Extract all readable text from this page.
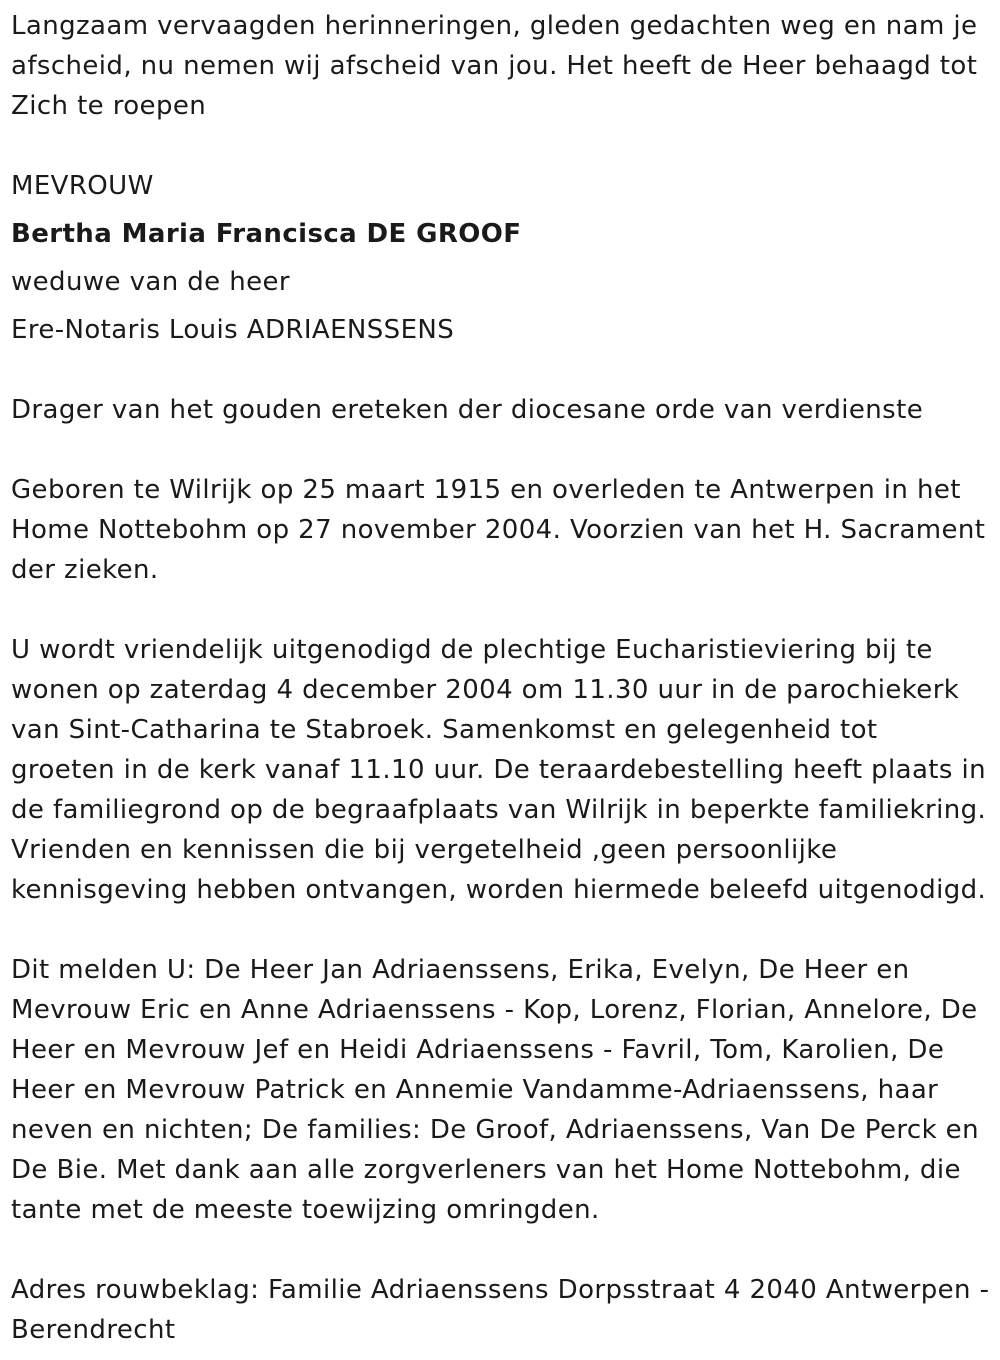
Langzaam vervaagden herinneringen, gleden gedachten weg en nam je afscheid, nu nemen wij afscheid van jou. Het heeft de Heer behaagd tot Zich te roepen

MEVROUW

Bertha Maria Francisca DE GROOF

weduwe van de heer

Ere-Notaris Louis ADRIAENSSENS

Drager van het gouden ereteken der diocesane orde van verdienste

Geboren te Wilrijk op 25 maart 1915 en overleden te Antwerpen in het Home Nottebohm op 27 november 2004. Voorzien van het H. Sacrament der zieken.

U wordt vriendelijk uitgenodigd de plechtige Eucharistieviering bij te wonen op zaterdag 4 december 2004 om 11.30 uur in de parochiekerk van Sint-Catharina te Stabroek. Samenkomst en gelegenheid tot groeten in de kerk vanaf 11.10 uur. De teraardebestelling heeft plaats in de familiegrond op de begraafplaats van Wilrijk in beperkte familiekring. Vrienden en kennissen die bij vergetelheid ,geen persoonlijke kennisgeving hebben ontvangen, worden hiermede beleefd uitgenodigd.

Dit melden U: De Heer Jan Adriaenssens, Erika, Evelyn, De Heer en Mevrouw Eric en Anne Adriaenssens - Kop, Lorenz, Florian, Annelore, De Heer en Mevrouw Jef en Heidi Adriaenssens - Favril, Tom, Karolien, De Heer en Mevrouw Patrick en Annemie Vandamme-Adriaenssens, haar neven en nichten; De families: De Groof, Adriaenssens, Van De Perck en De Bie. Met dank aan alle zorgverleners van het Home Nottebohm, die tante met de meeste toewijzing omringden.

Adres rouwbeklag: Familie Adriaenssens Dorpsstraat 4 2040 Antwerpen - Berendrecht
